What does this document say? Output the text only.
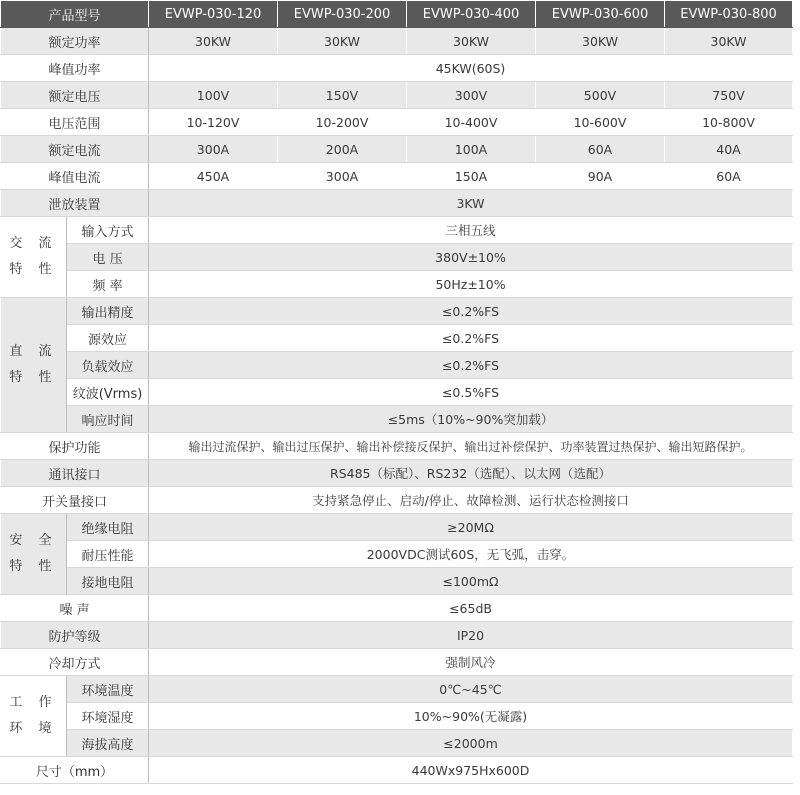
产品型号		EVWP-030-120	EVWP-030-200	EVWP-030-400	EVWP-030-600	EVWP-030-800
额定功率		30KW	30KW	30KW	30KW	30KW
峰值功率		45KW(60S)				
额定电压		100V	150V	300V	500V	750V
电压范围		10-120V	10-200V	10-400V	10-600V	10-800V
额定电流		300A	200A	100A	60A	40A
峰值电流		450A	300A	150A	90A	60A
泄放装置		3KW				

交 流
特 性	输入方式	三相五线				
	电 压	380V±10%				
	频 率	50Hz±10%				

直 流
特 性	输出精度	≤0.2%FS				
	源效应	≤0.2%FS				
	负载效应	≤0.2%FS				
	纹波(Vrms)	≤0.5%FS				
	响应时间	≤5ms（10%~90%突加载）				
保护功能		输出过流保护、输出过压保护、输出补偿接反保护、输出过补偿保护、功率装置过热保护、输出短路保护。				
通讯接口		RS485（标配）、RS232（选配）、以太网（选配）				
开关量接口		支持紧急停止、启动/停止、故障检测、运行状态检测接口				

安 全
特 性	绝缘电阻	≥20MΩ				
	耐压性能	2000VDC测试60S，无飞弧，击穿。				
	接地电阻	≤100mΩ				
噪 声		≤65dB				
防护等级		IP20				
冷却方式		强制风冷				

工 作
环 境	环境温度	0℃~45℃				
	环境湿度	10%~90%(无凝露)				
	海拔高度	≤2000m				
尺寸（mm）		440Wx975Hx600D				
